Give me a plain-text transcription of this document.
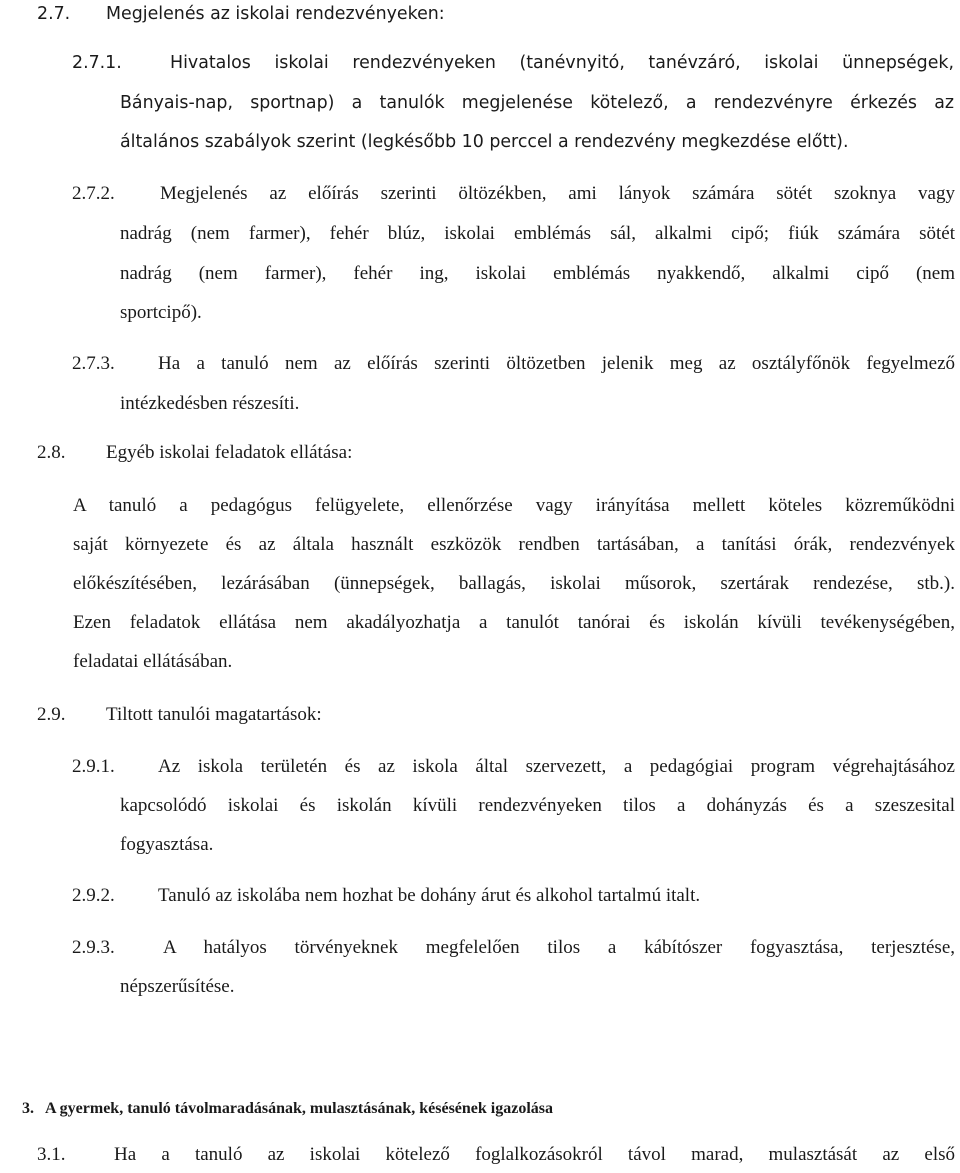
2.7. Megjelenés az iskolai rendezvényeken:
2.7.1.	Hivatalos iskolai rendezvényeken (tanévnyitó, tanévzáró, iskolai ünnepségek,
Bányais-nap, sportnap) a tanulók megjelenése kötelező, a rendezvényre érkezés az
általános szabályok szerint (legkésőbb 10 perccel a rendezvény megkezdése előtt).
2.7.2. Megjelenés az előírás szerinti öltözékben, ami lányok számára sötét szoknya vagy
nadrág (nem farmer), fehér blúz, iskolai emblémás sál, alkalmi cipő; fiúk számára sötét
nadrág (nem farmer), fehér ing, iskolai emblémás nyakkendő, alkalmi cipő (nem
sportcipő).
2.7.3. Ha a tanuló nem az előírás szerinti öltözetben jelenik meg az osztályfőnök fegyelmező
intézkedésben részesíti.
2.8. Egyéb iskolai feladatok ellátása:
A tanuló a pedagógus felügyelete, ellenőrzése vagy irányítása mellett köteles közreműködni
saját környezete és az általa használt eszközök rendben tartásában, a tanítási órák, rendezvények
előkészítésében, lezárásában (ünnepségek, ballagás, iskolai műsorok, szertárak rendezése, stb.).
Ezen feladatok ellátása nem akadályozhatja a tanulót tanórai és iskolán kívüli tevékenységében,
feladatai ellátásában.
2.9. Tiltott tanulói magatartások:
2.9.1. Az iskola területén és az iskola által szervezett, a pedagógiai program végrehajtásához
kapcsolódó iskolai és iskolán kívüli rendezvényeken tilos a dohányzás és a szeszesital
fogyasztása.
2.9.2. Tanuló az iskolába nem hozhat be dohány árut és alkohol tartalmú italt.
2.9.3.	A hatályos törvényeknek megfelelően tilos a kábítószer fogyasztása, terjesztése,
népszerűsítése.
3. A gyermek, tanuló távolmaradásának, mulasztásának, késésének igazolása
3.1.	Ha a tanuló az iskolai kötelező foglalkozásokról távol marad, mulasztását az első
